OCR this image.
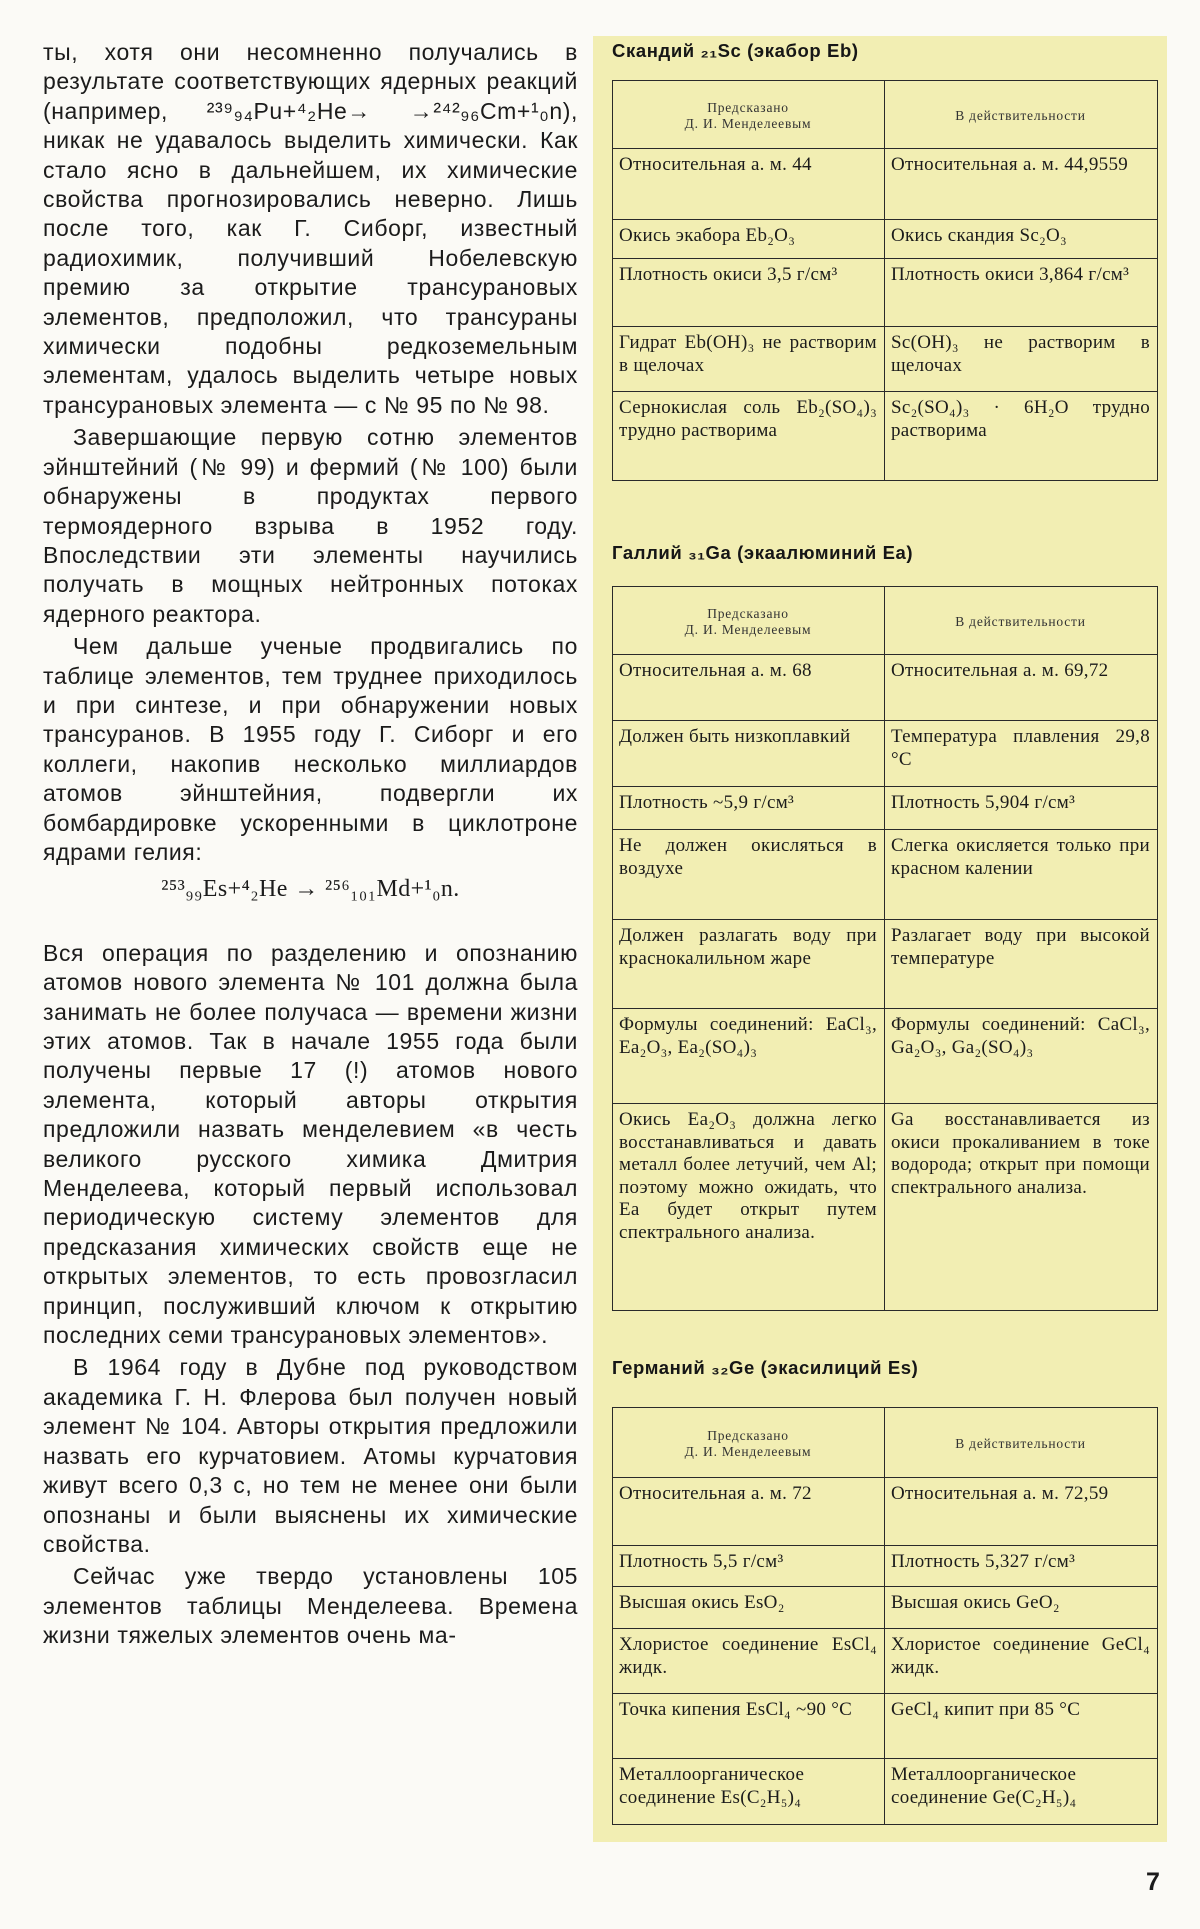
ты, хотя они несомненно получались в результате соответствующих ядерных реакций (например, ²³⁹₉₄Pu+⁴₂He→ →²⁴²₉₆Cm+¹₀n), никак не удавалось выделить химически. Как стало ясно в дальнейшем, их химические свойства прогнозировались неверно. Лишь после того, как Г. Сиборг, известный радиохимик, получивший Нобелевскую премию за открытие трансурановых элементов, предположил, что трансураны химически подобны редкоземельным элементам, удалось выделить четыре новых трансурановых элемента — с № 95 по № 98.

Завершающие первую сотню элементов эйнштейний (№ 99) и фермий (№ 100) были обнаружены в продуктах первого термоядерного взрыва в 1952 году. Впоследствии эти элементы научились получать в мощных нейтронных потоках ядерного реактора.

Чем дальше ученые продвигались по таблице элементов, тем труднее приходилось и при синтезе, и при обнаружении новых трансуранов. В 1955 году Г. Сиборг и его коллеги, накопив несколько миллиардов атомов эйнштейния, подвергли их бомбардировке ускоренными в циклотроне ядрами гелия:

²⁵³₉₉Es+⁴₂He → ²⁵⁶₁₀₁Md+¹₀n.

Вся операция по разделению и опознанию атомов нового элемента № 101 должна была занимать не более получаса — времени жизни этих атомов. Так в начале 1955 года были получены первые 17 (!) атомов нового элемента, который авторы открытия предложили назвать менделевием «в честь великого русского химика Дмитрия Менделеева, который первый использовал периодическую систему элементов для предсказания химических свойств еще не открытых элементов, то есть провозгласил принцип, послуживший ключом к открытию последних семи трансурановых элементов».

В 1964 году в Дубне под руководством академика Г. Н. Флерова был получен новый элемент № 104. Авторы открытия предложили назвать его курчатовием. Атомы курчатовия живут всего 0,3 с, но тем не менее они были опознаны и были выяснены их химические свойства.

Сейчас уже твердо установлены 105 элементов таблицы Менделеева. Времена жизни тяжелых элементов очень ма-

Скандий ₂₁Sc (экабор Eb)
Предсказано
Д. И. Менделеевым	В действительности
Относительная а. м. 44	Относительная а. м. 44,9559
Окись экабора Eb₂O₃	Окись скандия Sc₂O₃
Плотность окиси 3,5 г/см³	Плотность окиси 3,864 г/см³
Гидрат Eb(OH)₃ не растворим в щелочах	Sc(OH)₃ не растворим в щелочах
Сернокислая соль Eb₂(SO₄)₃ трудно растворима	Sc₂(SO₄)₃ · 6H₂O трудно растворима
Галлий ₃₁Ga (экаалюминий Ea)
Предсказано
Д. И. Менделеевым	В действительности
Относительная а. м. 68	Относительная а. м. 69,72
Должен быть низкоплавкий	Температура плавления 29,8 °C
Плотность ~5,9 г/см³	Плотность 5,904 г/см³
Не должен окисляться в воздухе	Слегка окисляется только при красном калении
Должен разлагать воду при краснокалильном жаре	Разлагает воду при высокой температуре
Формулы соединений: EaCl₃, Ea₂O₃, Ea₂(SO₄)₃	Формулы соединений: CaCl₃, Ga₂O₃, Ga₂(SO₄)₃
Окись Ea₂O₃ должна легко восстанавливаться и давать металл более летучий, чем Al; поэтому можно ожидать, что Ea будет открыт путем спектрального анализа.	Ga восстанавливается из окиси прокаливанием в токе водорода; открыт при помощи спектрального анализа.
Германий ₃₂Ge (экасилиций Es)
Предсказано
Д. И. Менделеевым	В действительности
Относительная а. м. 72	Относительная а. м. 72,59
Плотность 5,5 г/см³	Плотность 5,327 г/см³
Высшая окись EsO₂	Высшая окись GeO₂
Хлористое соединение EsCl₄ жидк.	Хлористое соединение GeCl₄ жидк.
Точка кипения EsCl₄ ~90 °C	GeCl₄ кипит при 85 °C
Металлоорганическое соединение Es(C₂H₅)₄	Металлоорганическое соединение Ge(C₂H₅)₄
7
